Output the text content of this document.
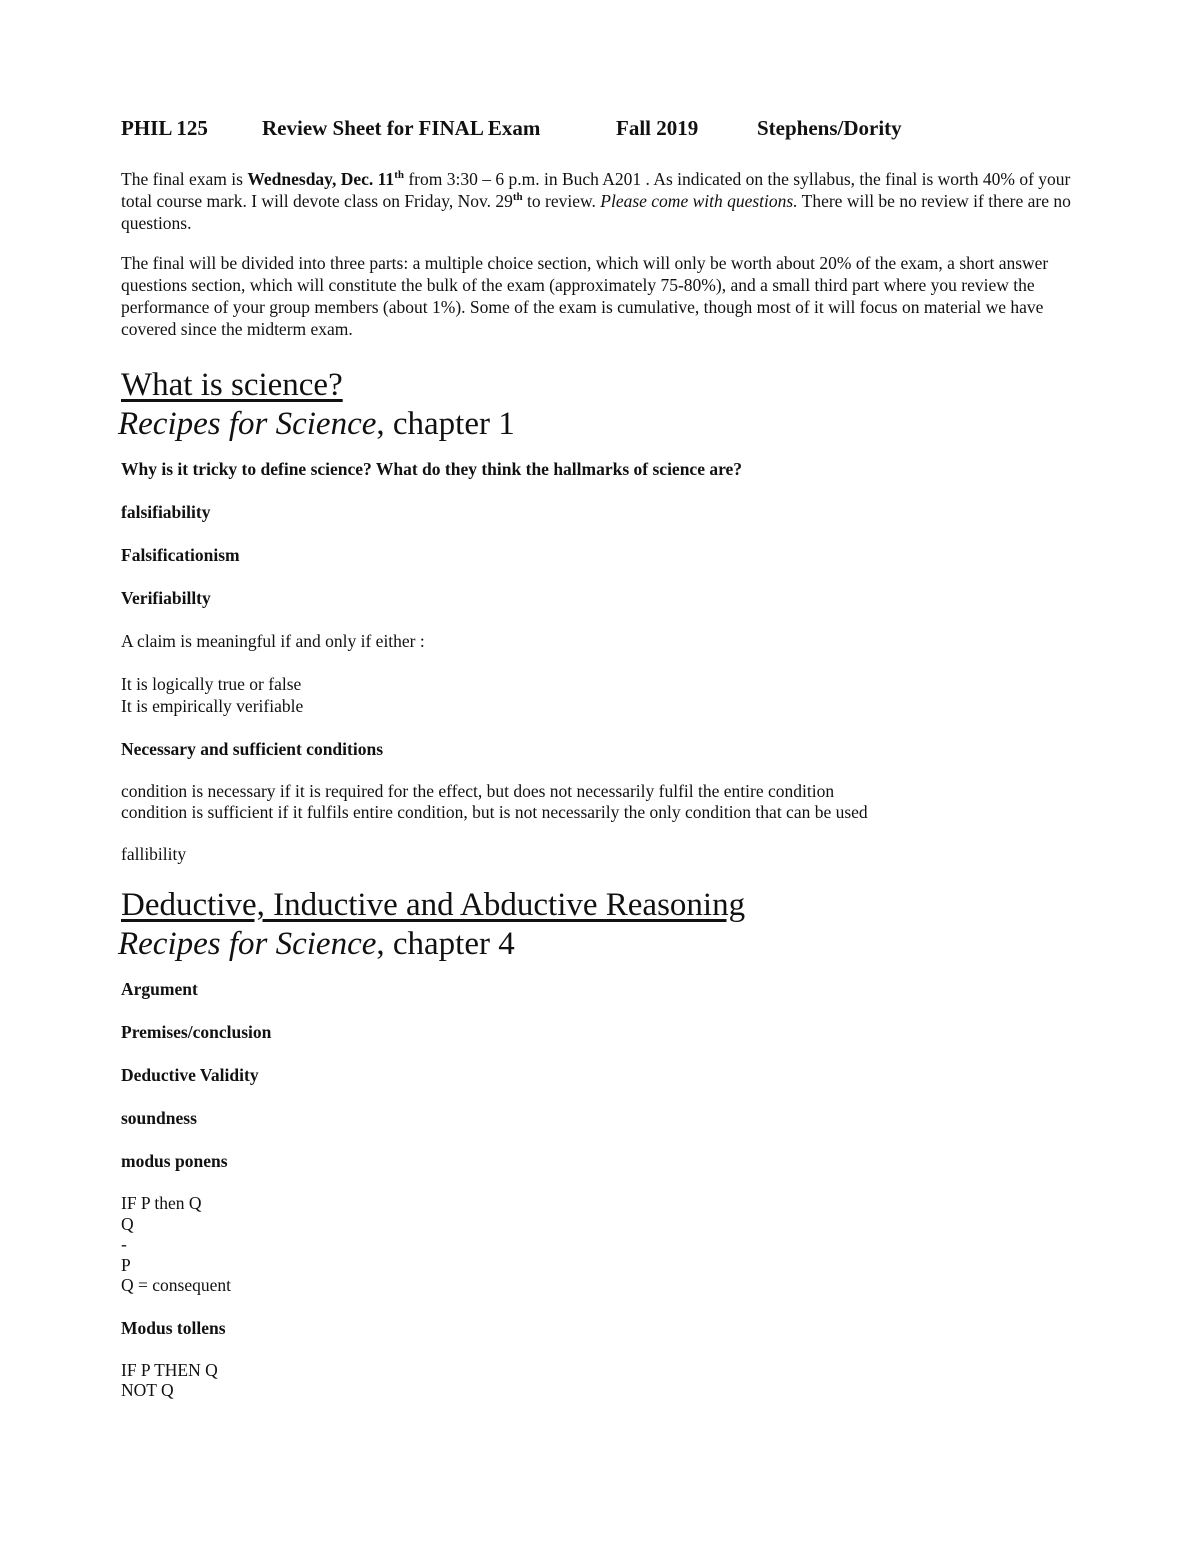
PHIL 125	Review Sheet for FINAL Exam	Fall 2019	Stephens/Dority

The final exam is Wednesday, Dec. 11th from 3:30 – 6 p.m. in Buch A201 . As indicated on the syllabus, the final is worth 40% of your total course mark. I will devote class on Friday, Nov. 29th to review. Please come with questions. There will be no review if there are no questions.

The final will be divided into three parts: a multiple choice section, which will only be worth about 20% of the exam, a short answer questions section, which will constitute the bulk of the exam (approximately 75-80%), and a small third part where you review the performance of your group members (about 1%). Some of the exam is cumulative, though most of it will focus on material we have covered since the midterm exam.

What is science?
Recipes for Science, chapter 1

Why is it tricky to define science? What do they think the hallmarks of science are?

falsifiability

Falsificationism

Verifiabillty

A claim is meaningful if and only if either :

It is logically true or false
It is empirically verifiable

Necessary and sufficient conditions

condition is necessary if it is required for the effect, but does not necessarily fulfil the entire condition
condition is sufficient if it fulfils entire condition, but is not necessarily the only condition that can be used

fallibility

Deductive, Inductive and Abductive Reasoning
Recipes for Science, chapter 4

Argument

Premises/conclusion

Deductive Validity

soundness

modus ponens

IF P then Q
Q
-
P
Q = consequent

Modus tollens

IF P THEN Q
NOT Q
